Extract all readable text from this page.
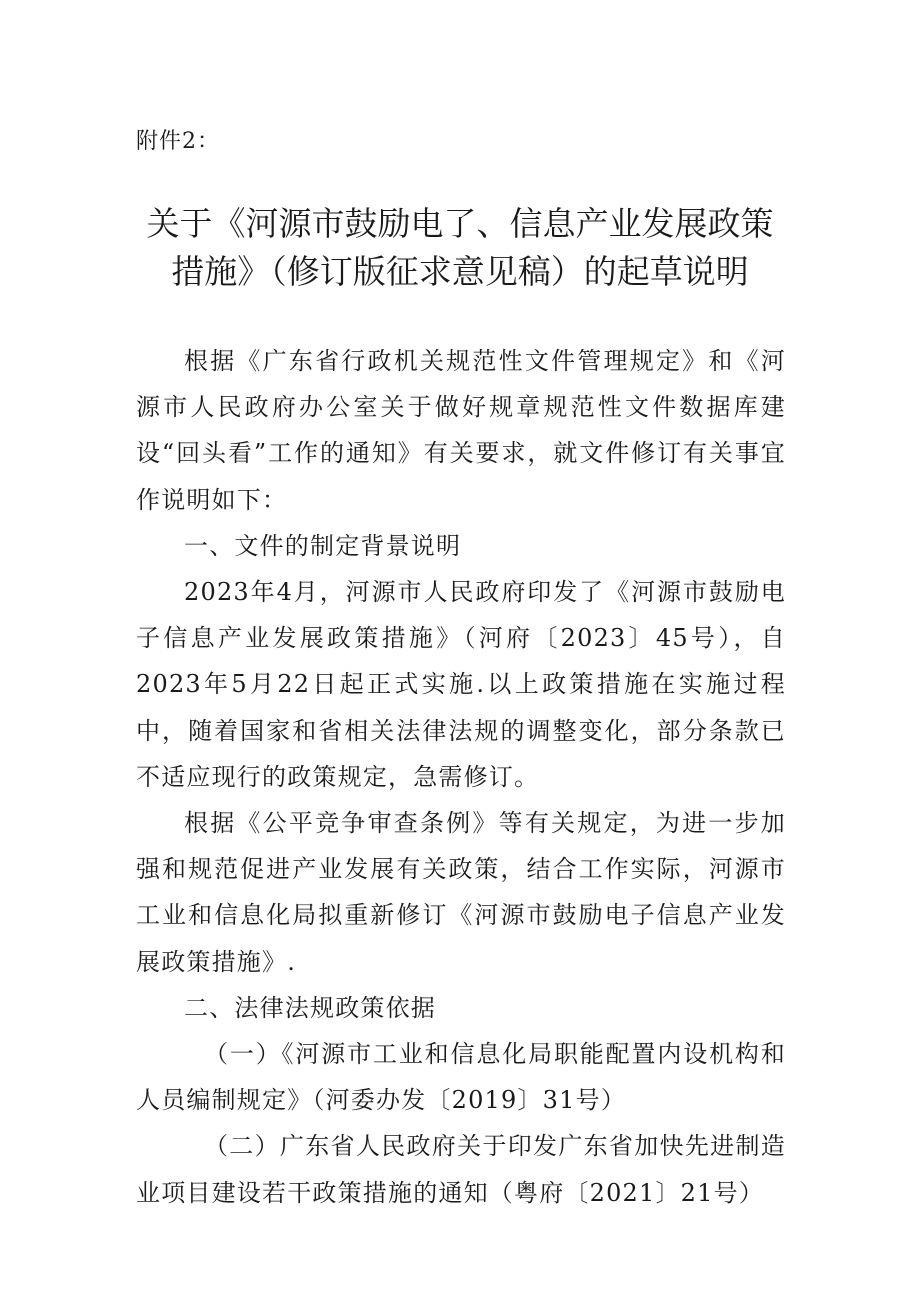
附件2：
关于《河源市鼓励电了、信息产业发展政策
措施》（修订版征求意见稿）的起草说明

根据《广东省行政机关规范性文件管理规定》和《河源市人民政府办公室关于做好规章规范性文件数据库建设“回头看”工作的通知》有关要求，就文件修订有关事宜作说明如下：

一、文件的制定背景说明

2023年4月，河源市人民政府印发了《河源市鼓励电子信息产业发展政策措施》（河府〔2023〕45号），自2023年5月22日起正式实施.以上政策措施在实施过程中，随着国家和省相关法律法规的调整变化，部分条款已不适应现行的政策规定，急需修订。

根据《公平竞争审查条例》等有关规定，为进一步加强和规范促进产业发展有关政策，结合工作实际，河源市工业和信息化局拟重新修订《河源市鼓励电子信息产业发展政策措施》.

二、法律法规政策依据

（一）《河源市工业和信息化局职能配置内设机构和人员编制规定》（河委办发〔2019〕31号）

（二）广东省人民政府关于印发广东省加快先进制造业项目建设若干政策措施的通知（粤府〔2021〕21号）
